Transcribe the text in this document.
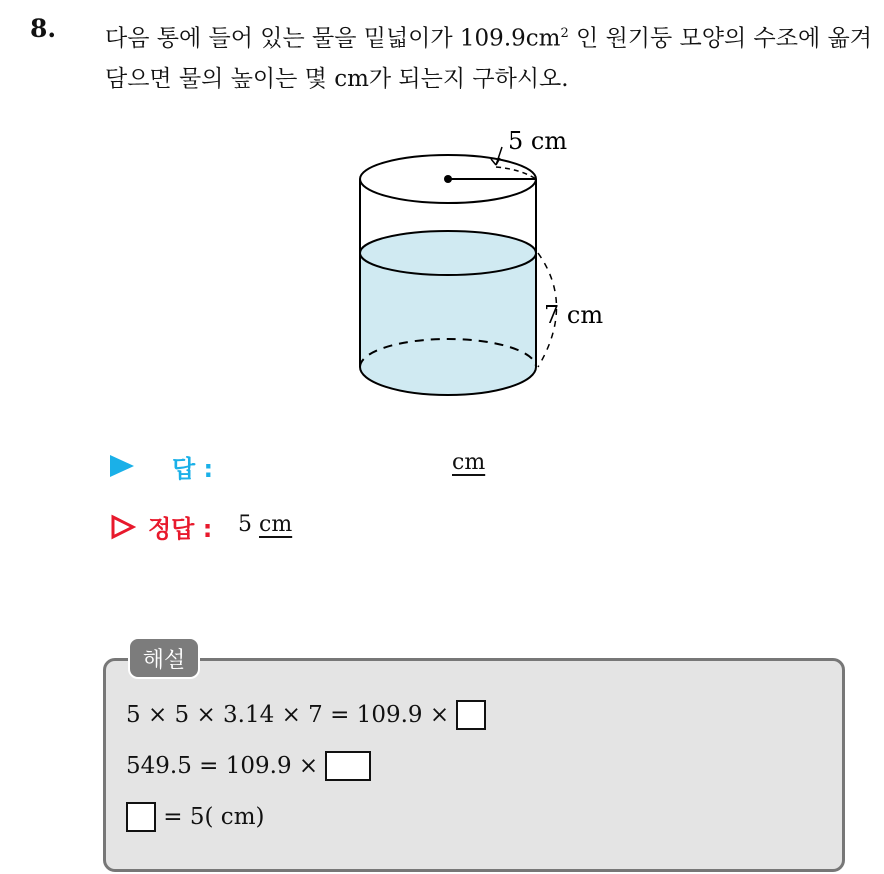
8. 다음 통에 들어 있는 물을 밑넓이가 $109.9cm^2$ 인 원기둥 모양의 수조에 옮겨 담으면 물의 높이는 몇 cm가 되는지 구하시오.
5 cm
7 cm
답 :	cm
정답 : 5 cm
해설
5 × 5 × 3.14 × 7 = 109.9 ×
549.5 = 109.9 ×
= 5( cm)
